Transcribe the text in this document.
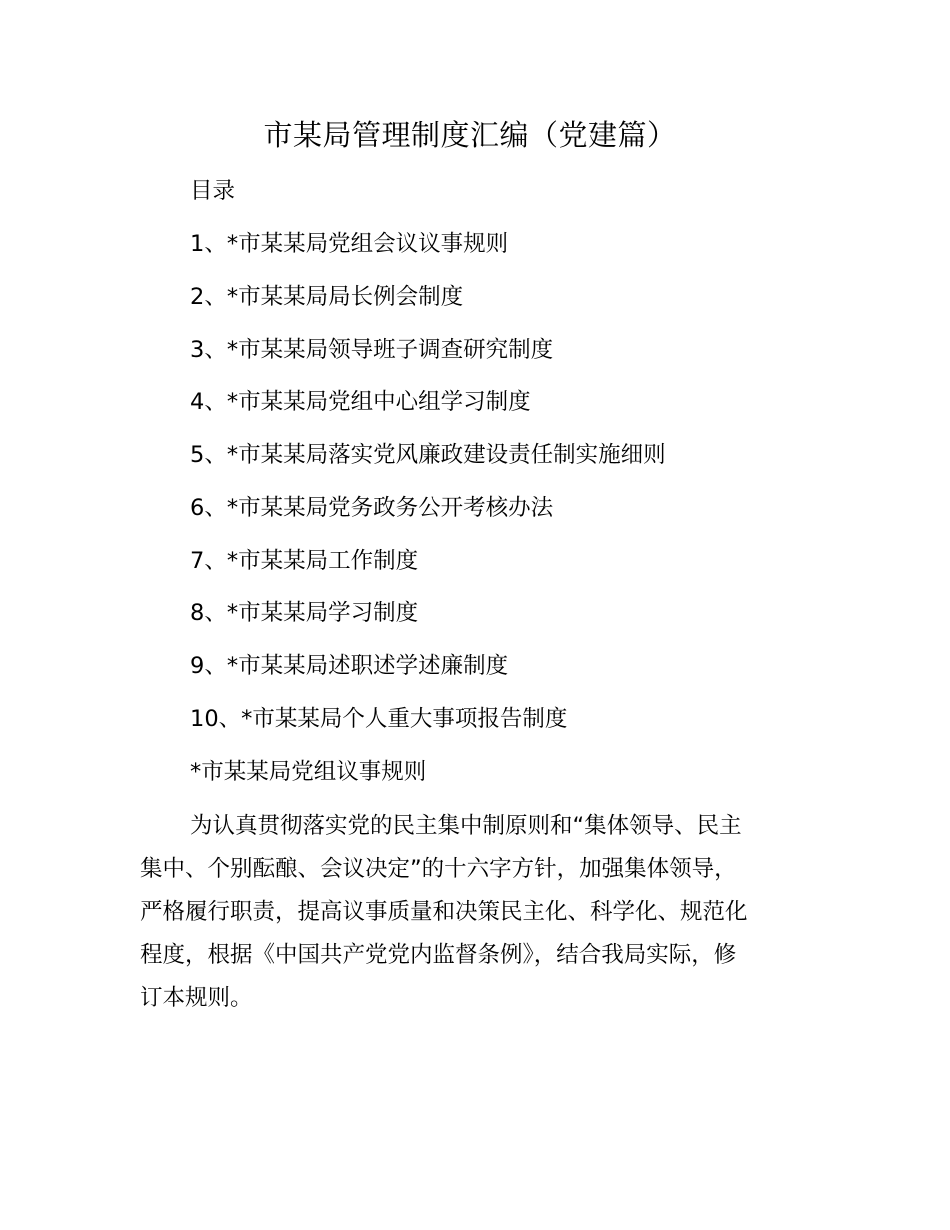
市某局管理制度汇编（党建篇）
目录
1、*市某某局党组会议议事规则
2、*市某某局局长例会制度
3、*市某某局领导班子调查研究制度
4、*市某某局党组中心组学习制度
5、*市某某局落实党风廉政建设责任制实施细则
6、*市某某局党务政务公开考核办法
7、*市某某局工作制度
8、*市某某局学习制度
9、*市某某局述职述学述廉制度
10、*市某某局个人重大事项报告制度
*市某某局党组议事规则
为认真贯彻落实党的民主集中制原则和“集体领导、民主
集中、个别酝酿、会议决定”的十六字方针，加强集体领导，
严格履行职责，提高议事质量和决策民主化、科学化、规范化
程度，根据《中国共产党党内监督条例》，结合我局实际，修
订本规则。
